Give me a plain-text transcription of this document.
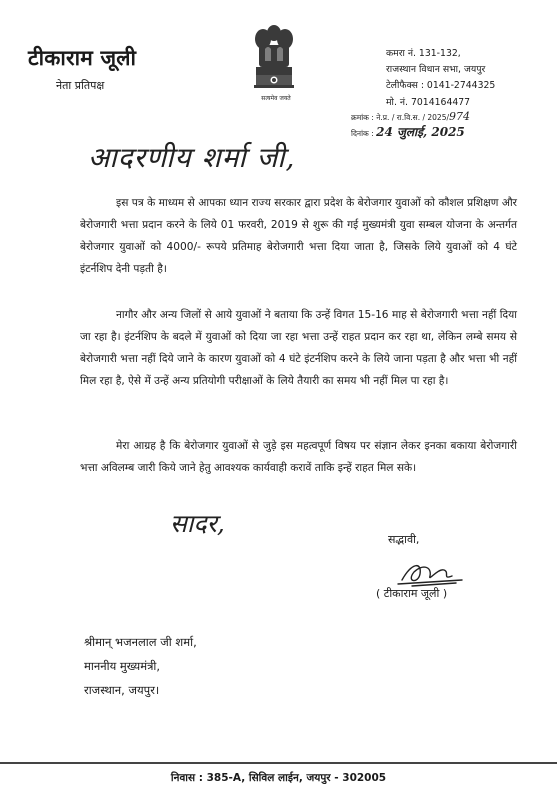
टीकाराम जूली
नेता प्रतिपक्ष
सत्यमेव जयते
कमरा नं. 131-132,
राजस्थान विधान सभा, जयपुर
टेलीफैक्स : 0141-2744325
मो. नं. 7014164477
क्रमांक : ने.प्र. / रा.वि.स. / 2025/974
दिनांक : 24 जुलाई, 2025
आदरणीय शर्मा जी,
इस पत्र के माध्यम से आपका ध्यान राज्य सरकार द्वारा प्रदेश के बेरोजगार युवाओं को कौशल प्रशिक्षण और बेरोजगारी भत्ता प्रदान करने के लिये 01 फरवरी, 2019 से शुरू की गई मुख्यमंत्री युवा सम्बल योजना के अन्तर्गत बेरोजगार युवाओं को 4000/- रूपये प्रतिमाह बेरोजगारी भत्ता दिया जाता है, जिसके लिये युवाओं को 4 घंटे इंटर्नशिप देनी पड़ती है।
नागौर और अन्य जिलों से आये युवाओं ने बताया कि उन्हें विगत 15-16 माह से बेरोजगारी भत्ता नहीं दिया जा रहा है। इंटर्नशिप के बदले में युवाओं को दिया जा रहा भत्ता उन्हें राहत प्रदान कर रहा था, लेकिन लम्बे समय से बेरोजगारी भत्ता नहीं दिये जाने के कारण युवाओं को 4 घंटे इंटर्नशिप करने के लिये जाना पड़ता है और भत्ता भी नहीं मिल रहा है, ऐसे में उन्हें अन्य प्रतियोगी परीक्षाओं के लिये तैयारी का समय भी नहीं मिल पा रहा है।
मेरा आग्रह है कि बेरोजगार युवाओं से जुड़े इस महत्वपूर्ण विषय पर संज्ञान लेकर इनका बकाया बेरोजगारी भत्ता अविलम्ब जारी किये जाने हेतु आवश्यक कार्यवाही करावें ताकि इन्हें राहत मिल सके।
सादर,
सद्भावी,
( टीकाराम जूली )
श्रीमान् भजनलाल जी शर्मा,
माननीय मुख्यमंत्री,
राजस्थान, जयपुर।
निवास : 385-A, सिविल लाईन, जयपुर - 302005
